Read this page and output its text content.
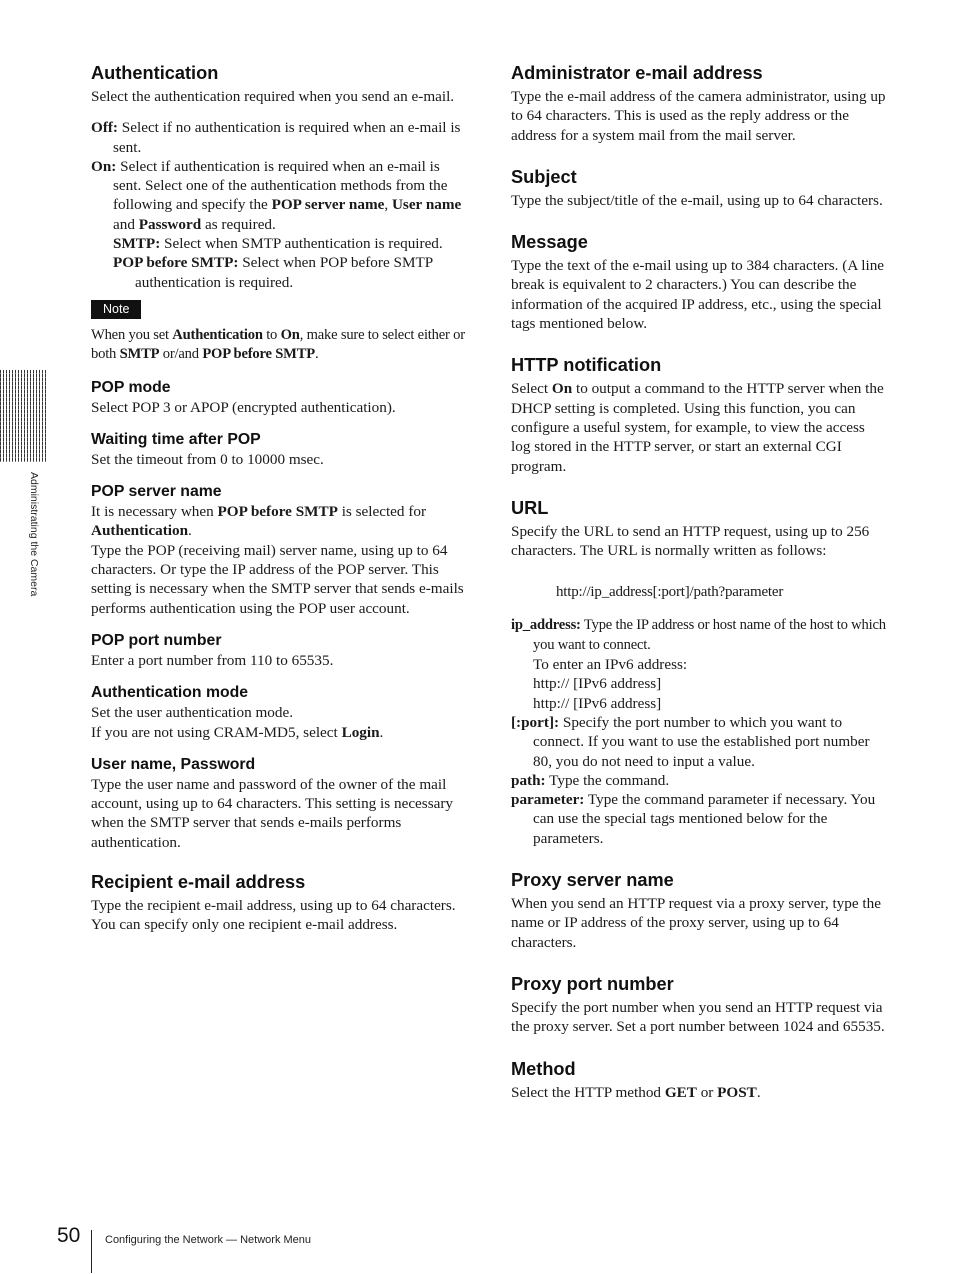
Administrating the Camera
Authentication

Select the authentication required when you send an e-mail.

Off: Select if no authentication is required when an e-mail is sent.

On: Select if authentication is required when an e-mail is sent. Select one of the authentication methods from the following and specify the POP server name, User name and Password as required.

SMTP: Select when SMTP authentication is required.

POP before SMTP: Select when POP before SMTP authentication is required.

Note

When you set Authentication to On, make sure to select either or both SMTP or/and POP before SMTP.

POP mode

Select POP 3 or APOP (encrypted authentication).

Waiting time after POP

Set the timeout from 0 to 10000 msec.

POP server name

It is necessary when POP before SMTP is selected for Authentication.

Type the POP (receiving mail) server name, using up to 64 characters. Or type the IP address of the POP server. This setting is necessary when the SMTP server that sends e-mails performs authentication using the POP user account.

POP port number

Enter a port number from 110 to 65535.

Authentication mode

Set the user authentication mode.

If you are not using CRAM-MD5, select Login.

User name, Password

Type the user name and password of the owner of the mail account, using up to 64 characters. This setting is necessary when the SMTP server that sends e-mails performs authentication.

Recipient e-mail address

Type the recipient e-mail address, using up to 64 characters. You can specify only one recipient e-mail address.

Administrator e-mail address

Type the e-mail address of the camera administrator, using up to 64 characters. This is used as the reply address or the address for a system mail from the mail server.

Subject

Type the subject/title of the e-mail, using up to 64 characters.

Message

Type the text of the e-mail using up to 384 characters. (A line break is equivalent to 2 characters.) You can describe the information of the acquired IP address, etc., using the special tags mentioned below.

HTTP notification

Select On to output a command to the HTTP server when the DHCP setting is completed. Using this function, you can configure a useful system, for example, to view the access log stored in the HTTP server, or start an external CGI program.

URL

Specify the URL to send an HTTP request, using up to 256 characters. The URL is normally written as follows:

http://ip_address[:port]/path?parameter

ip_address: Type the IP address or host name of the host to which you want to connect.

To enter an IPv6 address:

http:// [IPv6 address]

http:// [IPv6 address]

[:port]: Specify the port number to which you want to connect. If you want to use the established port number 80, you do not need to input a value.

path: Type the command.

parameter: Type the command parameter if necessary. You can use the special tags mentioned below for the parameters.

Proxy server name

When you send an HTTP request via a proxy server, type the name or IP address of the proxy server, using up to 64 characters.

Proxy port number

Specify the port number when you send an HTTP request via the proxy server. Set a port number between 1024 and 65535.

Method

Select the HTTP method GET or POST.

50 Configuring the Network — Network Menu
